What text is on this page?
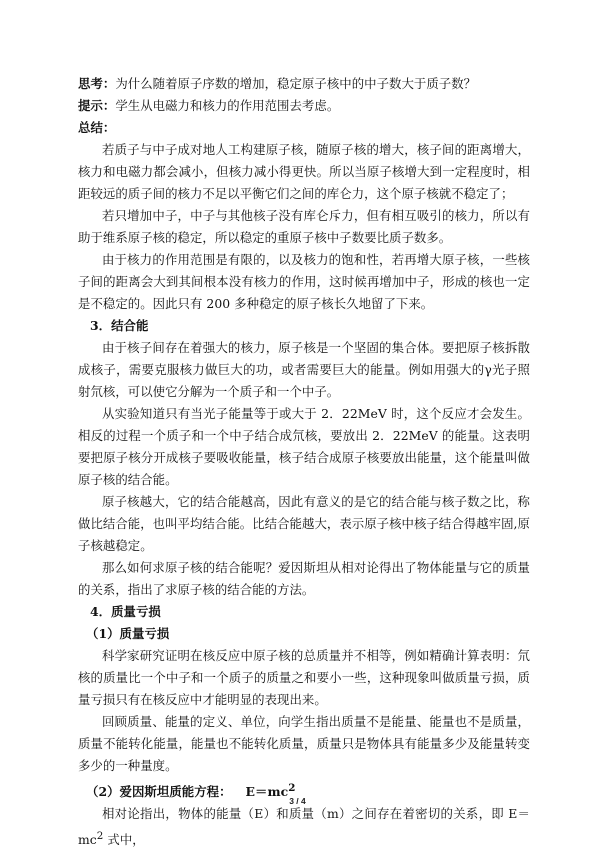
思考：为什么随着原子序数的增加，稳定原子核中的中子数大于质子数？

提示：学生从电磁力和核力的作用范围去考虑。

总结：

若质子与中子成对地人工构建原子核，随原子核的增大，核子间的距离增大，核力和电磁力都会减小，但核力减小得更快。所以当原子核增大到一定程度时，相距较远的质子间的核力不足以平衡它们之间的库仑力，这个原子核就不稳定了；

若只增加中子，中子与其他核子没有库仑斥力，但有相互吸引的核力，所以有助于维系原子核的稳定，所以稳定的重原子核中子数要比质子数多。

由于核力的作用范围是有限的，以及核力的饱和性，若再增大原子核，一些核子间的距离会大到其间根本没有核力的作用，这时候再增加中子，形成的核也一定是不稳定的。因此只有 200 多种稳定的原子核长久地留了下来。

3．结合能

由于核子间存在着强大的核力，原子核是一个坚固的集合体。要把原子核拆散成核子，需要克服核力做巨大的功，或者需要巨大的能量。例如用强大的γ光子照射氘核，可以使它分解为一个质子和一个中子。

从实验知道只有当光子能量等于或大于 2．22MeV 时，这个反应才会发生。相反的过程一个质子和一个中子结合成氘核，要放出 2．22MeV 的能量。这表明要把原子核分开成核子要吸收能量，核子结合成原子核要放出能量，这个能量叫做原子核的结合能。

原子核越大，它的结合能越高，因此有意义的是它的结合能与核子数之比，称做比结合能，也叫平均结合能。比结合能越大，表示原子核中核子结合得越牢固,原子核越稳定。

那么如何求原子核的结合能呢？爱因斯坦从相对论得出了物体能量与它的质量的关系，指出了求原子核的结合能的方法。

4．质量亏损

（1）质量亏损

科学家研究证明在核反应中原子核的总质量并不相等，例如精确计算表明：氘核的质量比一个中子和一个质子的质量之和要小一些，这种现象叫做质量亏损，质量亏损只有在核反应中才能明显的表现出来。

回顾质量、能量的定义、单位，向学生指出质量不是能量、能量也不是质量，质量不能转化能量，能量也不能转化质量，质量只是物体具有能量多少及能量转变多少的一种量度。

（2）爱因斯坦质能方程： $E=mc^2$

相对论指出，物体的能量（E）和质量（m）之间存在着密切的关系，即 $E=mc^2$ 式中，

3 / 4
